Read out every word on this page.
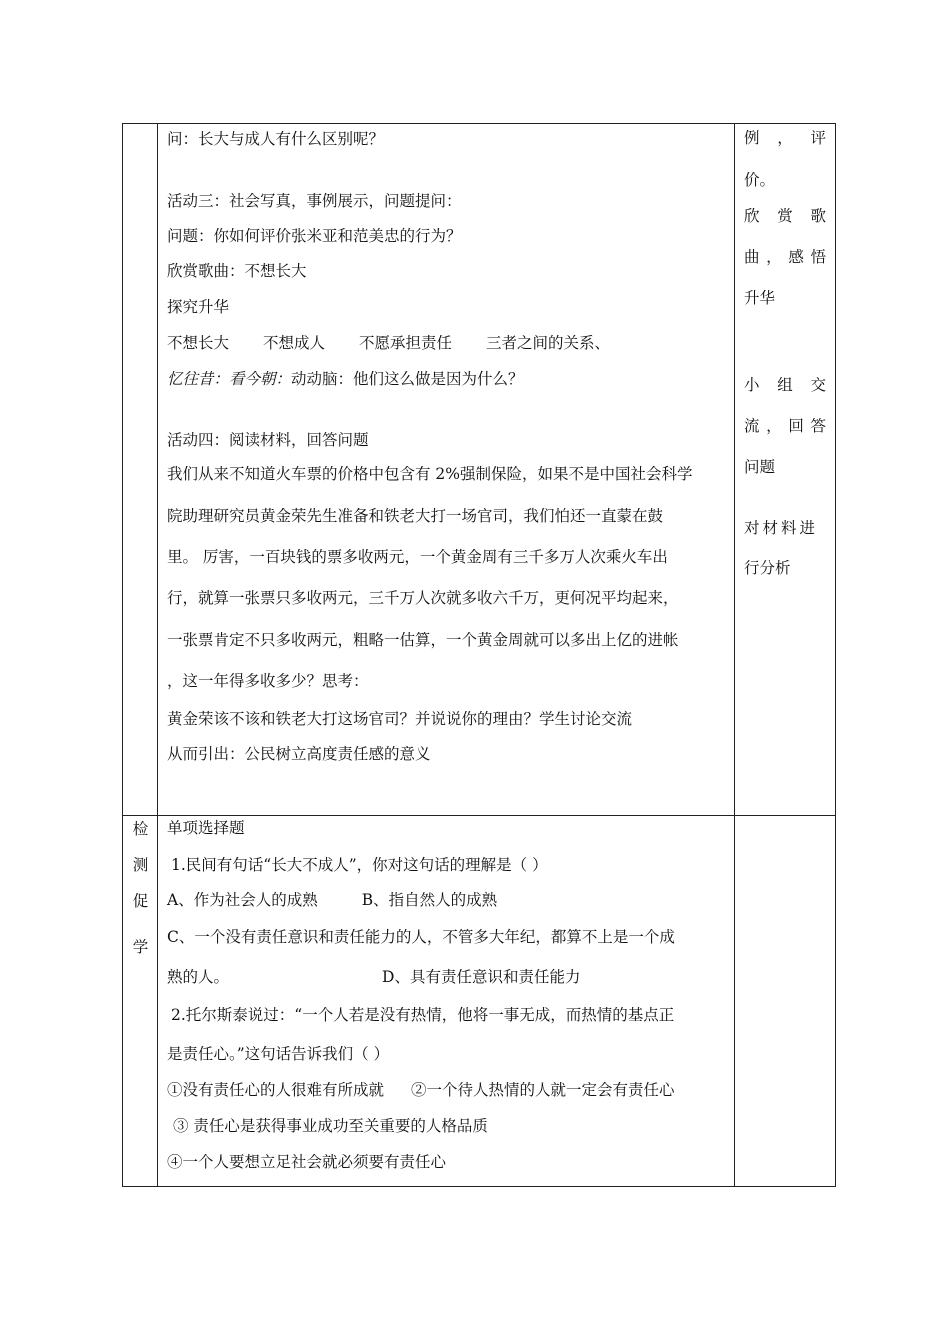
问：长大与成人有什么区别呢？
活动三：社会写真，事例展示，问题提问：
问题：你如何评价张米亚和范美忠的行为？
欣赏歌曲：不想长大
探究升华
不想长大 不想成人 不愿承担责任 三者之间的关系、
忆往昔：看今朝：动动脑：他们这么做是因为什么？
活动四：阅读材料，回答问题
我们从来不知道火车票的价格中包含有 2%强制保险，如果不是中国社会科学
院助理研究员黄金荣先生准备和铁老大打一场官司，我们怕还一直蒙在鼓
里。 厉害，一百块钱的票多收两元，一个黄金周有三千多万人次乘火车出
行，就算一张票只多收两元，三千万人次就多收六千万，更何况平均起来，
一张票肯定不只多收两元，粗略一估算，一个黄金周就可以多出上亿的进帐
，这一年得多收多少？思考：
黄金荣该不该和铁老大打这场官司？并说说你的理由？学生讨论交流
从而引出：公民树立高度责任感的意义
例 ， 评
价。
欣 赏 歌
曲 ， 感 悟
升华
小 组 交
流 ， 回 答
问题
对材料进
行分析
检
测
促
学
单项选择题
1.民间有句话“长大不成人”，你对这句话的理解是（ ）
A、作为社会人的成熟	B、指自然人的成熟
C、一个没有责任意识和责任能力的人，不管多大年纪，都算不上是一个成
熟的人。	D、具有责任意识和责任能力
2.托尔斯泰说过：“一个人若是没有热情，他将一事无成，而热情的基点正
是责任心。”这句话告诉我们（ ）
①没有责任心的人很难有所成就 ②一个待人热情的人就一定会有责任心
③ 责任心是获得事业成功至关重要的人格品质
④一个人要想立足社会就必须要有责任心
